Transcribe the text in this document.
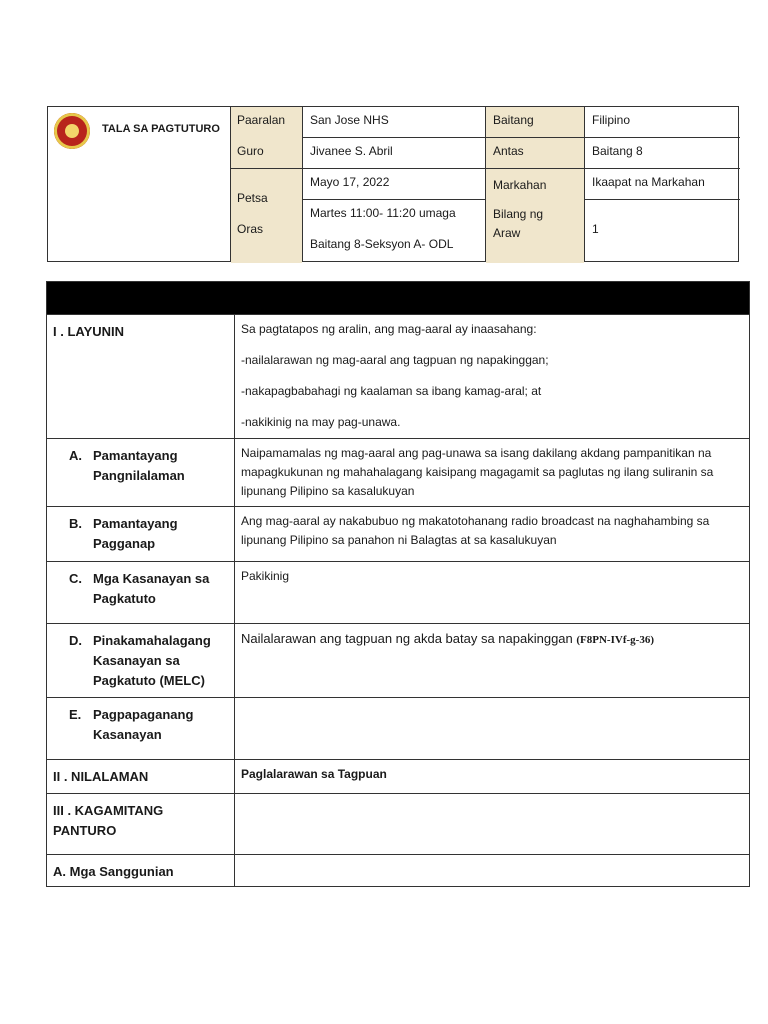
TALA SA PAGTUTURO
Paaralan
Guro
Petsa
Oras
San Jose NHS
Jivanee S. Abril
Mayo 17, 2022
Martes 11:00- 11:20 umaga
Baitang 8-Seksyon A- ODL
Baitang
Antas
Markahan
Bilang ng Araw
Filipino
Baitang 8
Ikaapat na Markahan
1
I . LAYUNIN	Sa pagtatapos ng aralin, ang mag-aaral ay inaasahang:

-nailalarawan ng mag-aaral ang tagpuan ng napakinggan;

-nakapagbabahagi ng kaalaman sa ibang kamag-aral; at

-nakikinig na may pag-unawa.

A. Pamantayang Pangnilalaman
Naipamamalas ng mag-aaral ang pag-unawa sa isang dakilang akdang pampanitikan na mapagkukunan ng mahahalagang kaisipang magagamit sa paglutas ng ilang suliranin sa lipunang Pilipino sa kasalukuyan
B. Pamantayang Pagganap
Ang mag-aaral ay nakabubuo ng makatotohanang radio broadcast na naghahambing sa lipunang Pilipino sa panahon ni Balagtas at sa kasalukuyan
C. Mga Kasanayan sa Pagkatuto
Pakikinig
D. Pinakamahalagang Kasanayan sa Pagkatuto (MELC)
Nailalarawan ang tagpuan ng akda batay sa napakinggan (F8PN-IVf-g-36)
E. Pagpapaganang Kasanayan
II . NILALAMAN	Paglalarawan sa Tagpuan
III . KAGAMITANG PANTURO
A. Mga Sanggunian
